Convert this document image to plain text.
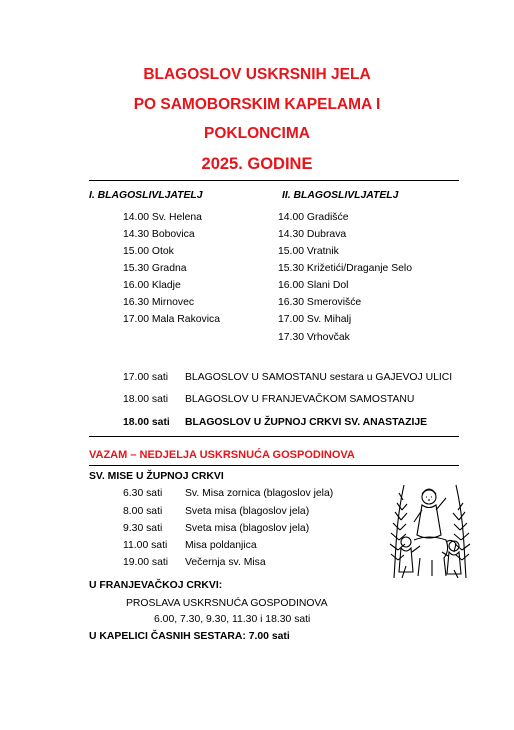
BLAGOSLOV USKRSNIH JELA
PO SAMOBORSKIM KAPELAMA I
POKLONCIMA
2025. GODINE
I. BLAGOSLIVLJATELJ	II. BLAGOSLIVLJATELJ
14.00 Sv. Helena
14.30 Bobovica
15.00 Otok
15.30 Gradna
16.00 Kladje
16.30 Mirnovec
17.00 Mala Rakovica
14.00 Gradišće
14.30 Dubrava
15.00 Vratnik
15.30 Križetići/Draganje Selo
16.00 Slani Dol
16.30 Smerovišće
17.00 Sv. Mihalj
17.30 Vrhovčak
17.00 sati BLAGOSLOV U SAMOSTANU sestara u GAJEVOJ ULICI
18.00 sati BLAGOSLOV U FRANJEVAČKOM SAMOSTANU
18.00 sati BLAGOSLOV U ŽUPNOJ CRKVI SV. ANASTAZIJE
VAZAM – NEDJELJA USKRSNUĆA GOSPODINOVA
SV. MISE U ŽUPNOJ CRKVI
6.30 sati Sv. Misa zornica (blagoslov jela)
8.00 sati Sveta misa (blagoslov jela)
9.30 sati Sveta misa (blagoslov jela)
11.00 sati Misa poldanjica
19.00 sati Večernja sv. Misa
U FRANJEVAČKOJ CRKVI:
PROSLAVA USKRSNUĆA GOSPODINOVA
6.00, 7.30, 9.30, 11.30 i 18.30 sati
U KAPELICI ČASNIH SESTARA: 7.00 sati
